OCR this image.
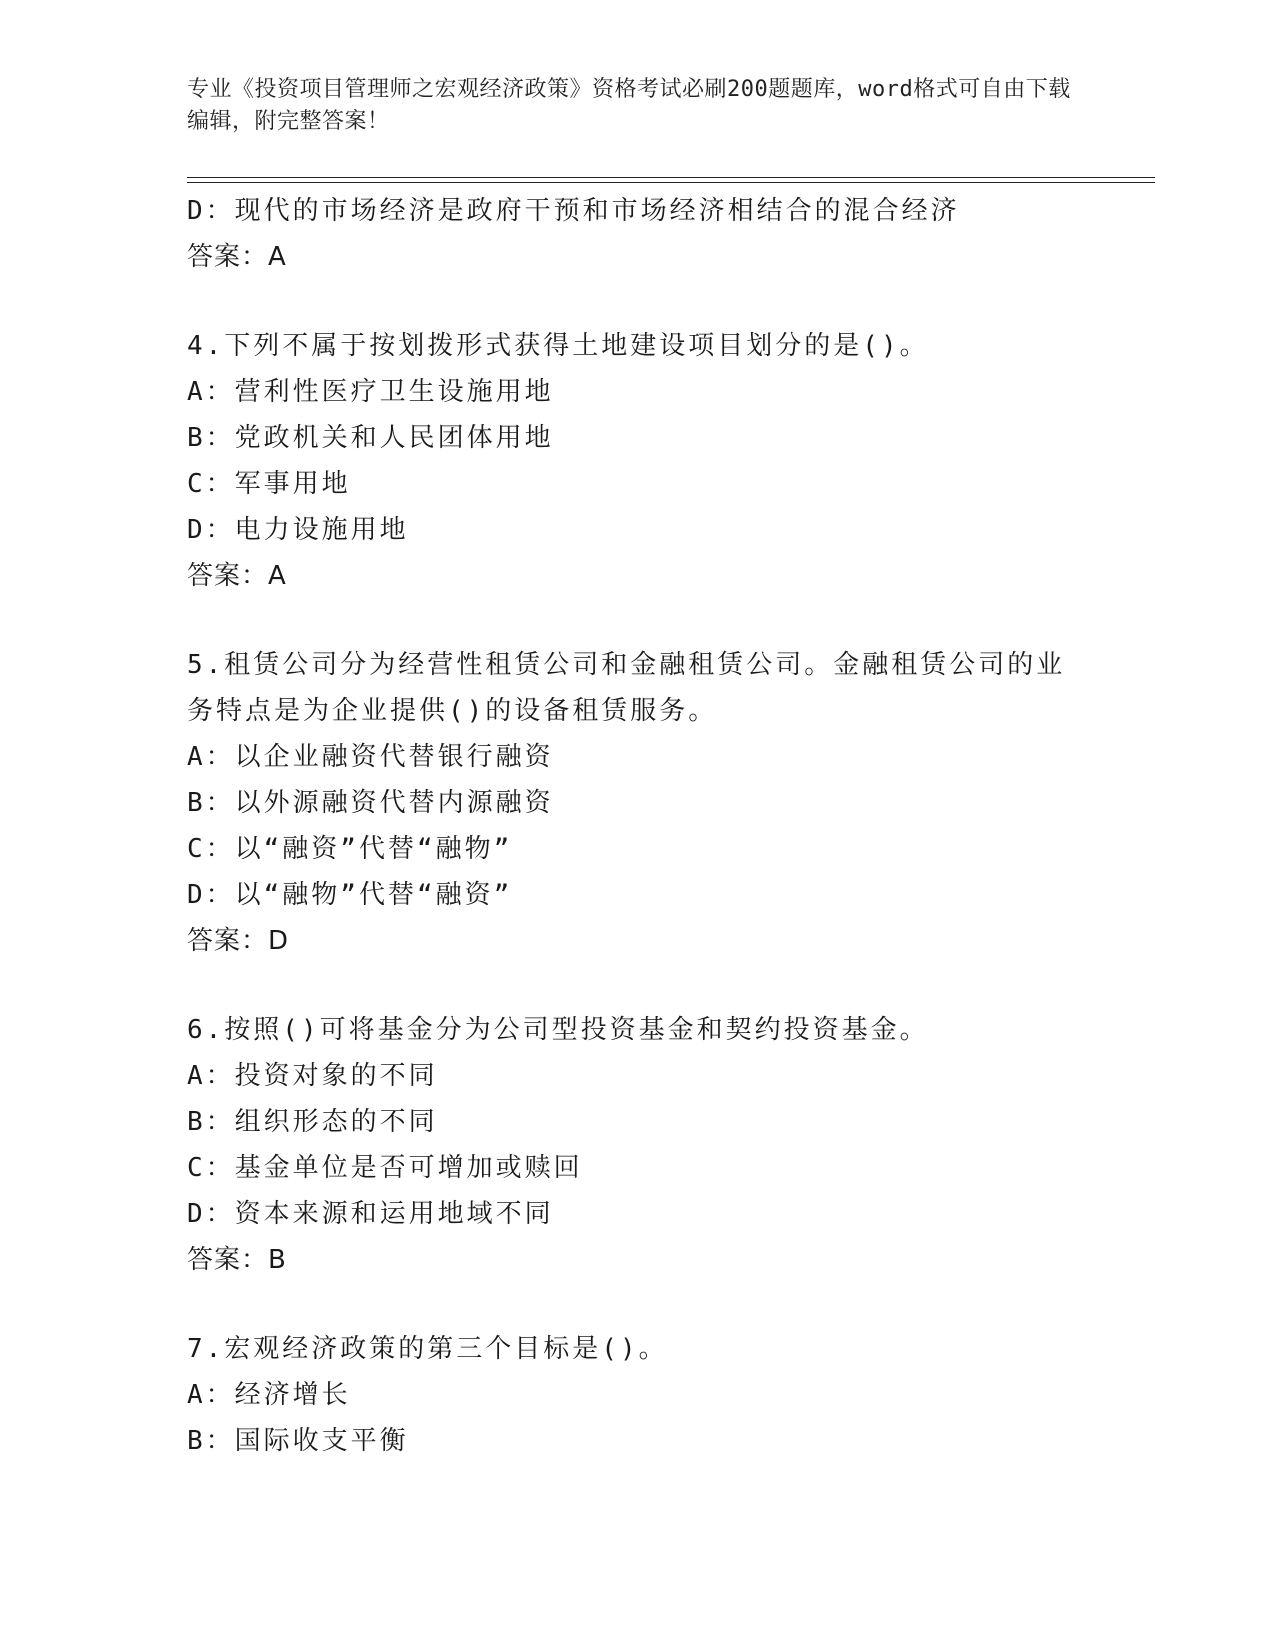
专业《投资项目管理师之宏观经济政策》资格考试必刷200题题库，word格式可自由下载编辑，附完整答案！
D：现代的市场经济是政府干预和市场经济相结合的混合经济
答案：A
4.下列不属于按划拨形式获得土地建设项目划分的是()。
A：营利性医疗卫生设施用地
B：党政机关和人民团体用地
C：军事用地
D：电力设施用地
答案：A
5.租赁公司分为经营性租赁公司和金融租赁公司。金融租赁公司的业务特点是为企业提供()的设备租赁服务。
A：以企业融资代替银行融资
B：以外源融资代替内源融资
C：以“融资”代替“融物”
D：以“融物”代替“融资”
答案：D
6.按照()可将基金分为公司型投资基金和契约投资基金。
A：投资对象的不同
B：组织形态的不同
C：基金单位是否可增加或赎回
D：资本来源和运用地域不同
答案：B
7.宏观经济政策的第三个目标是()。
A：经济增长
B：国际收支平衡
